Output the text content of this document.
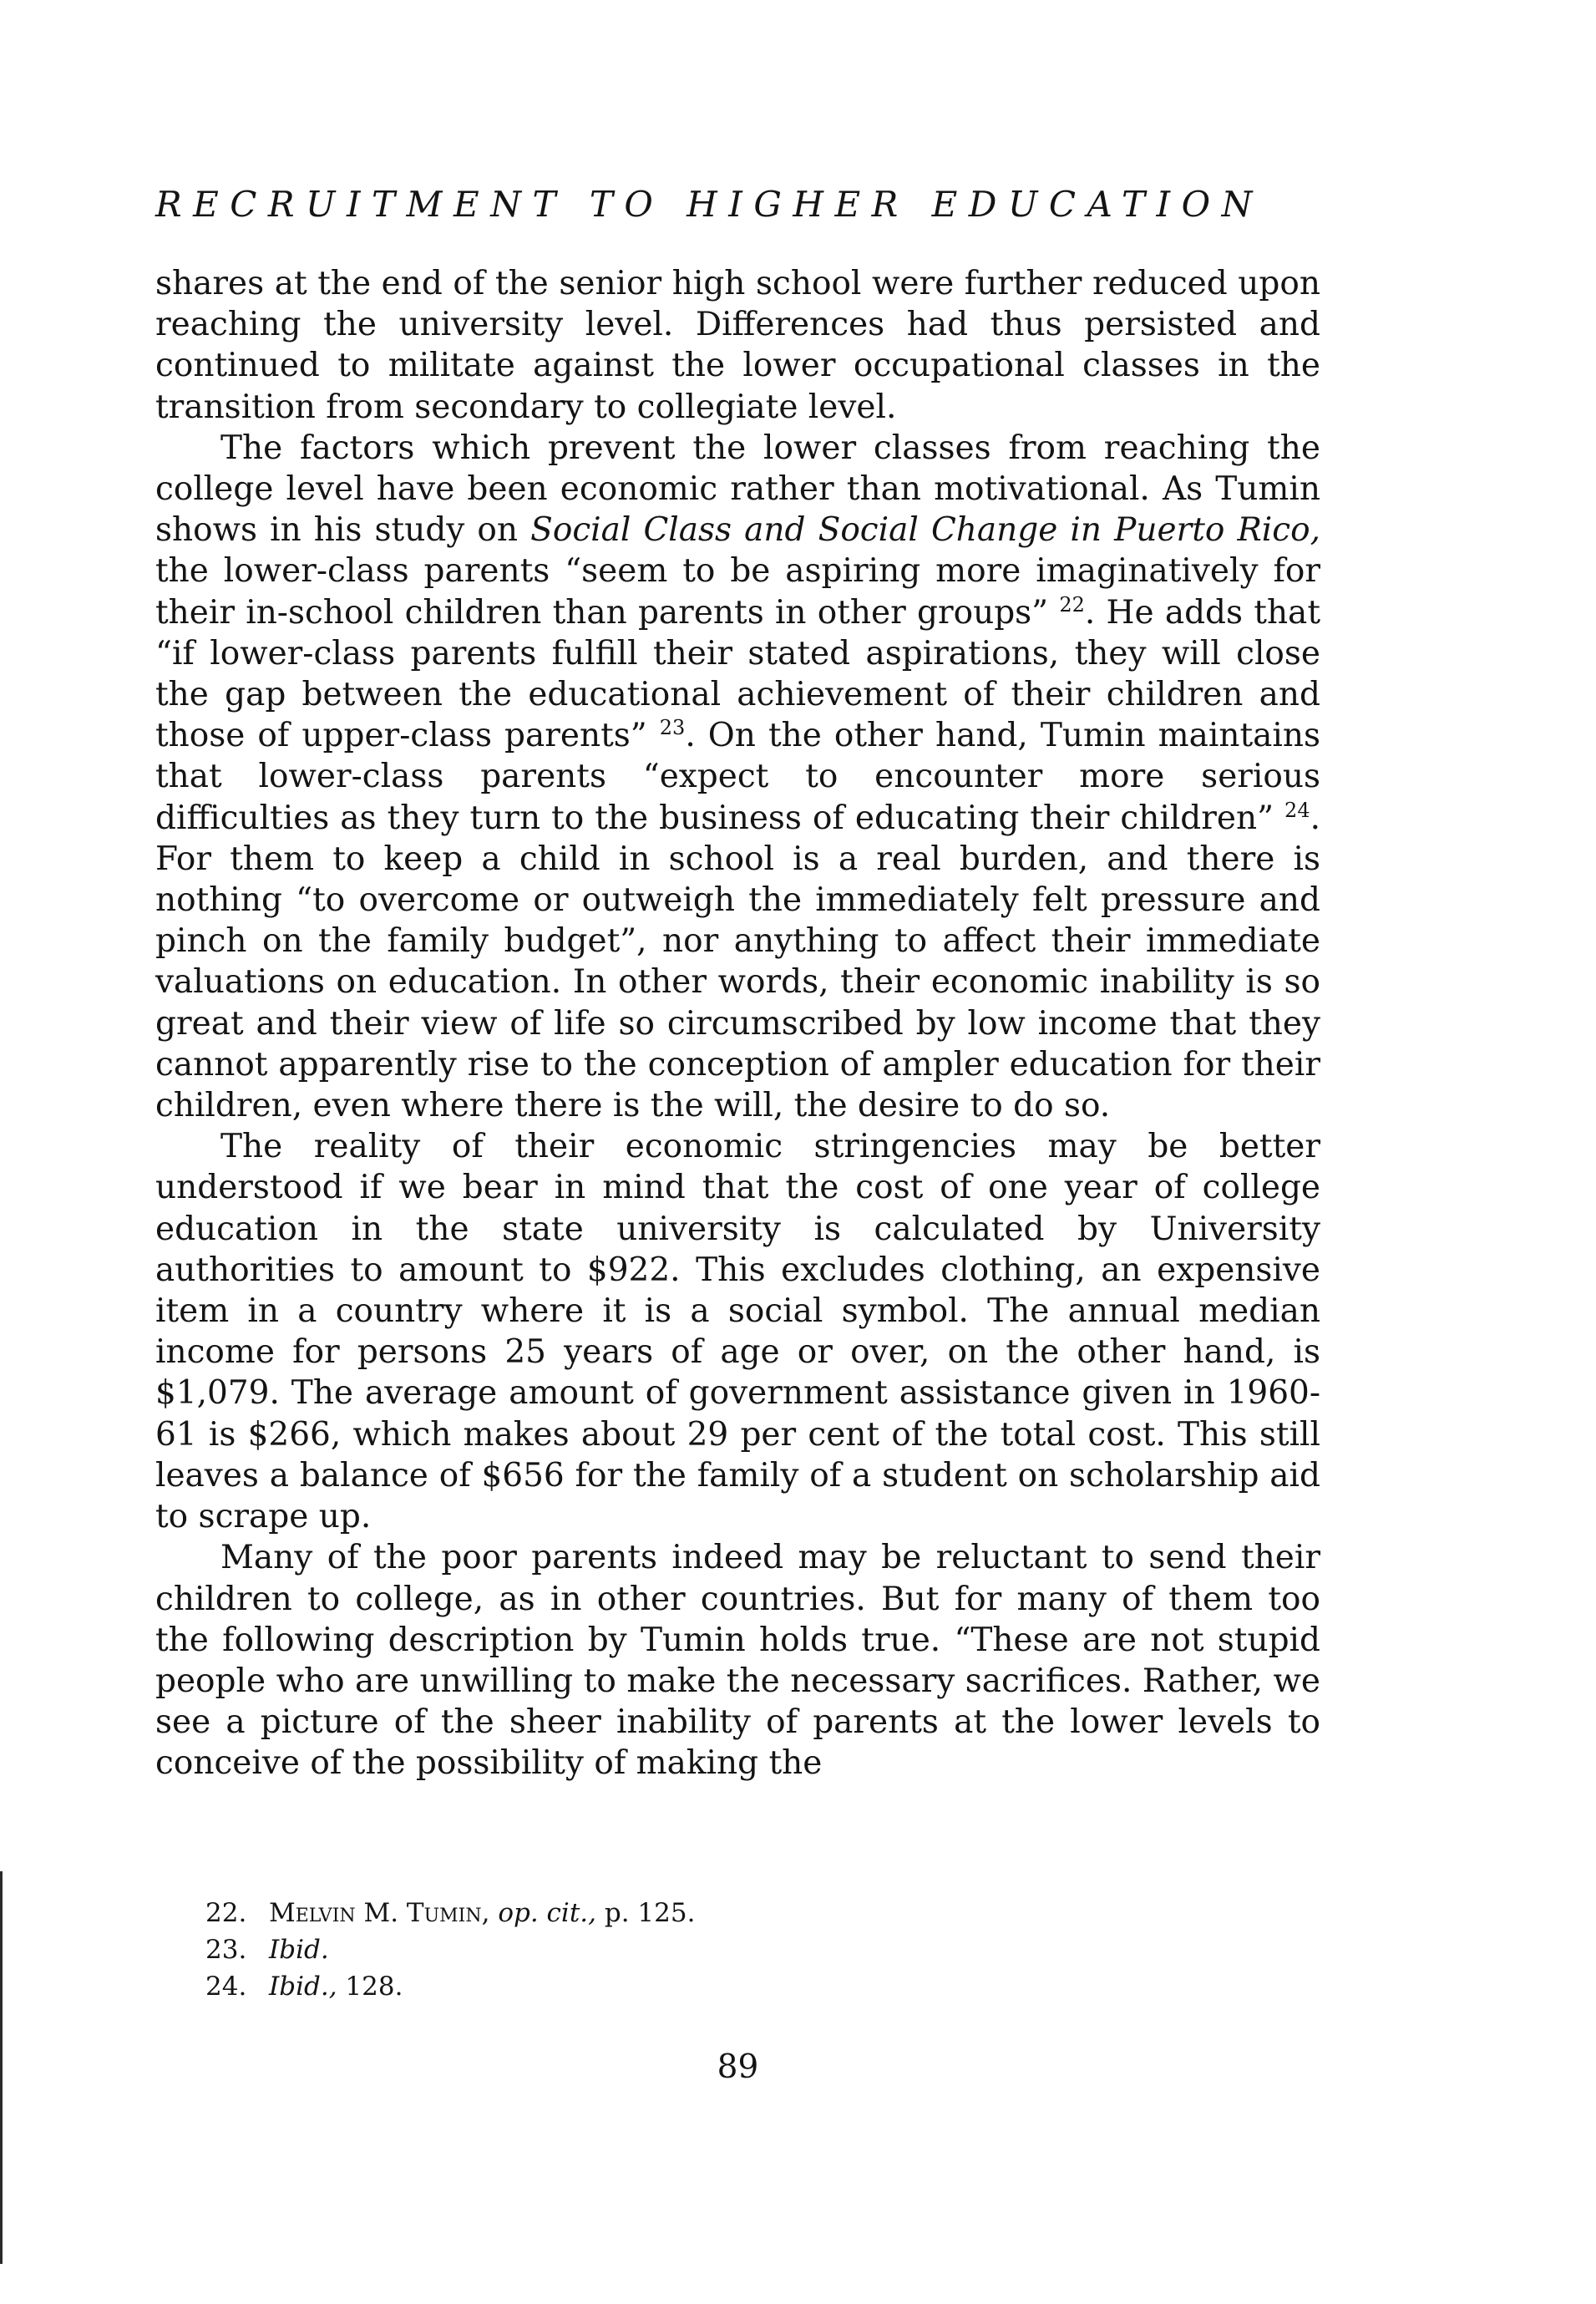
RECRUITMENT TO HIGHER EDUCATION

shares at the end of the senior high school were further reduced upon reaching the university level. Differences had thus persisted and continued to militate against the lower occupational classes in the transition from secondary to collegiate level.

The factors which prevent the lower classes from reaching the college level have been economic rather than motivational. As Tumin shows in his study on Social Class and Social Change in Puerto Rico, the lower-class parents “seem to be aspiring more imaginatively for their in-school children than parents in other groups” $^{22}$. He adds that “if lower-class parents fulfill their stated aspirations, they will close the gap between the educational achievement of their children and those of upper-class parents” $^{23}$. On the other hand, Tumin maintains that lower-class parents “expect to encounter more serious difficulties as they turn to the business of educating their children” $^{24}$. For them to keep a child in school is a real burden, and there is nothing “to overcome or outweigh the immediately felt pressure and pinch on the family budget”, nor anything to affect their immediate valuations on education. In other words, their economic inability is so great and their view of life so circumscribed by low income that they cannot apparently rise to the conception of ampler education for their children, even where there is the will, the desire to do so.

The reality of their economic stringencies may be better understood if we bear in mind that the cost of one year of college education in the state university is calculated by University authorities to amount to $922. This excludes clothing, an expensive item in a country where it is a social symbol. The annual median income for persons 25 years of age or over, on the other hand, is $1,079. The average amount of government assistance given in 1960-61 is $266, which makes about 29 per cent of the total cost. This still leaves a balance of $656 for the family of a student on scholarship aid to scrape up.

Many of the poor parents indeed may be reluctant to send their children to college, as in other countries. But for many of them too the following description by Tumin holds true. “These are not stupid people who are unwilling to make the necessary sacrifices. Rather, we see a picture of the sheer inability of parents at the lower levels to conceive of the possibility of making the

22. Melvin M. Tumin, op. cit., p. 125.
23. Ibid.
24. Ibid., 128.
89
